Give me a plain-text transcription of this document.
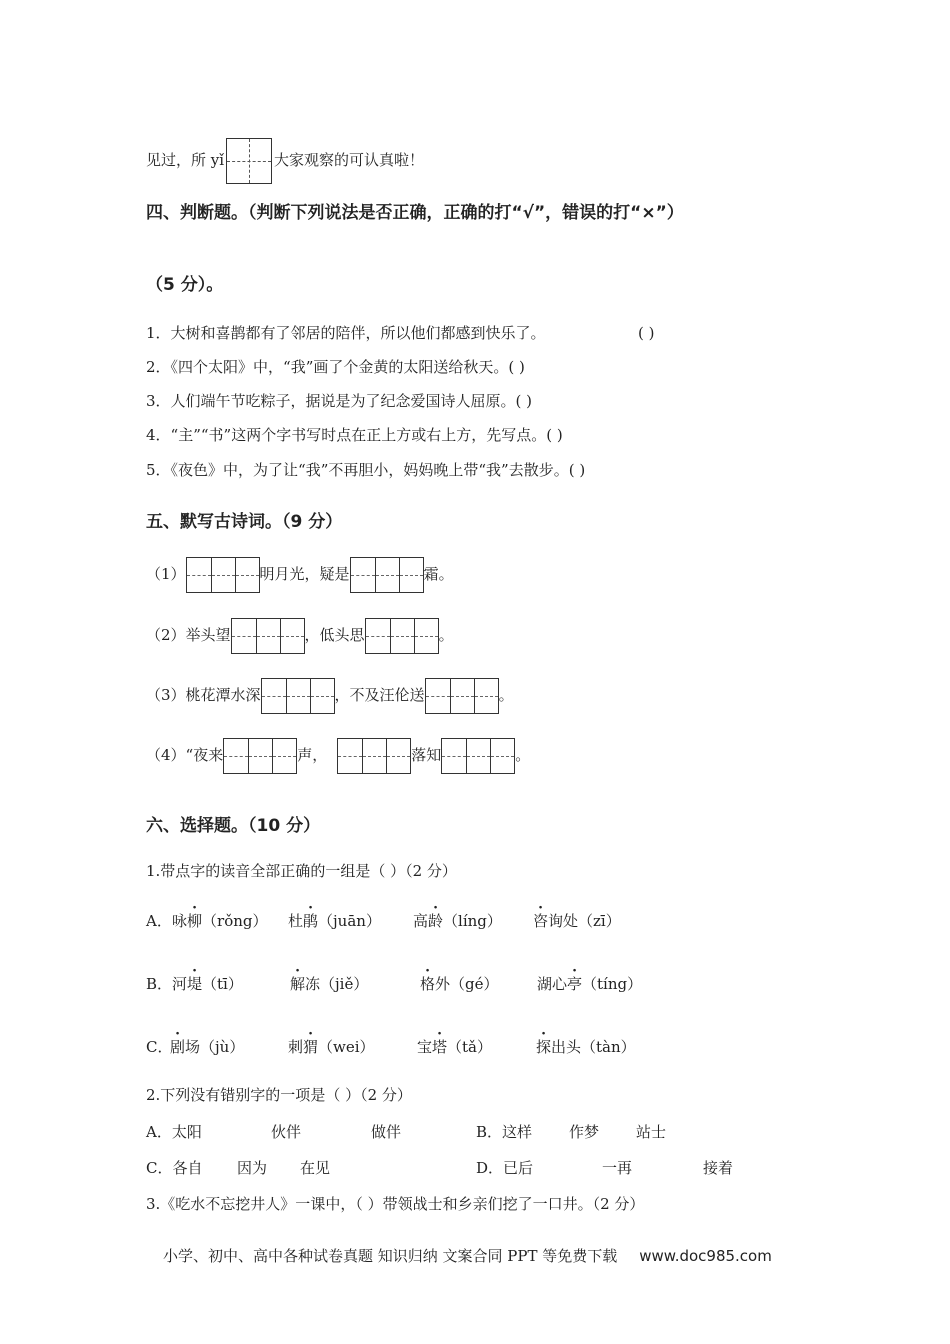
见过，所 yǐ	大家观察的可认真啦！
四、判断题。（判断下列说法是否正确，正确的打“√”，错误的打“×”）
（5 分）。
1．大树和喜鹊都有了邻居的陪伴，所以他们都感到快乐了。	( )
2．《四个太阳》中，“我”画了个金黄的太阳送给秋天。( )
3．人们端午节吃粽子，据说是为了纪念爱国诗人屈原。( )
4．“主”“书”这两个字书写时点在正上方或右上方，先写点。( )
5．《夜色》中，为了让“我”不再胆小，妈妈晚上带“我”去散步。( )
五、默写古诗词。（9 分）
（1）	明月光，疑是	霜。
（2）举头望	，低头思	。
（3）桃花潭水深	，不及汪伦送	。
（4）“夜来	声，	落知	。
六、选择题。（10 分）
1.带点字的读音全部正确的一组是（ ）（2 分）
A． 咏柳（rǒng） 杜鹃（juān） 高龄（líng） 咨询处（zī）
B． 河堤（tī）	解冻（jiě）	格外（gé）	湖心亭（tíng）
C．
剧场（jù）	刺猬（wei）	宝塔（tǎ）	探出头（tàn）
2.下列没有错别字的一项是（ ）（2 分）
A．太阳	伙伴	做伴	B．这样 作梦 站士
C．各自 因为 在见	D．已后	一再	接着
3.《吃水不忘挖井人》一课中，（ ）带领战士和乡亲们挖了一口井。（2 分）
小学、初中、高中各种试卷真题 知识归纳 文案合同 PPT 等免费下载 www.doc985.com
